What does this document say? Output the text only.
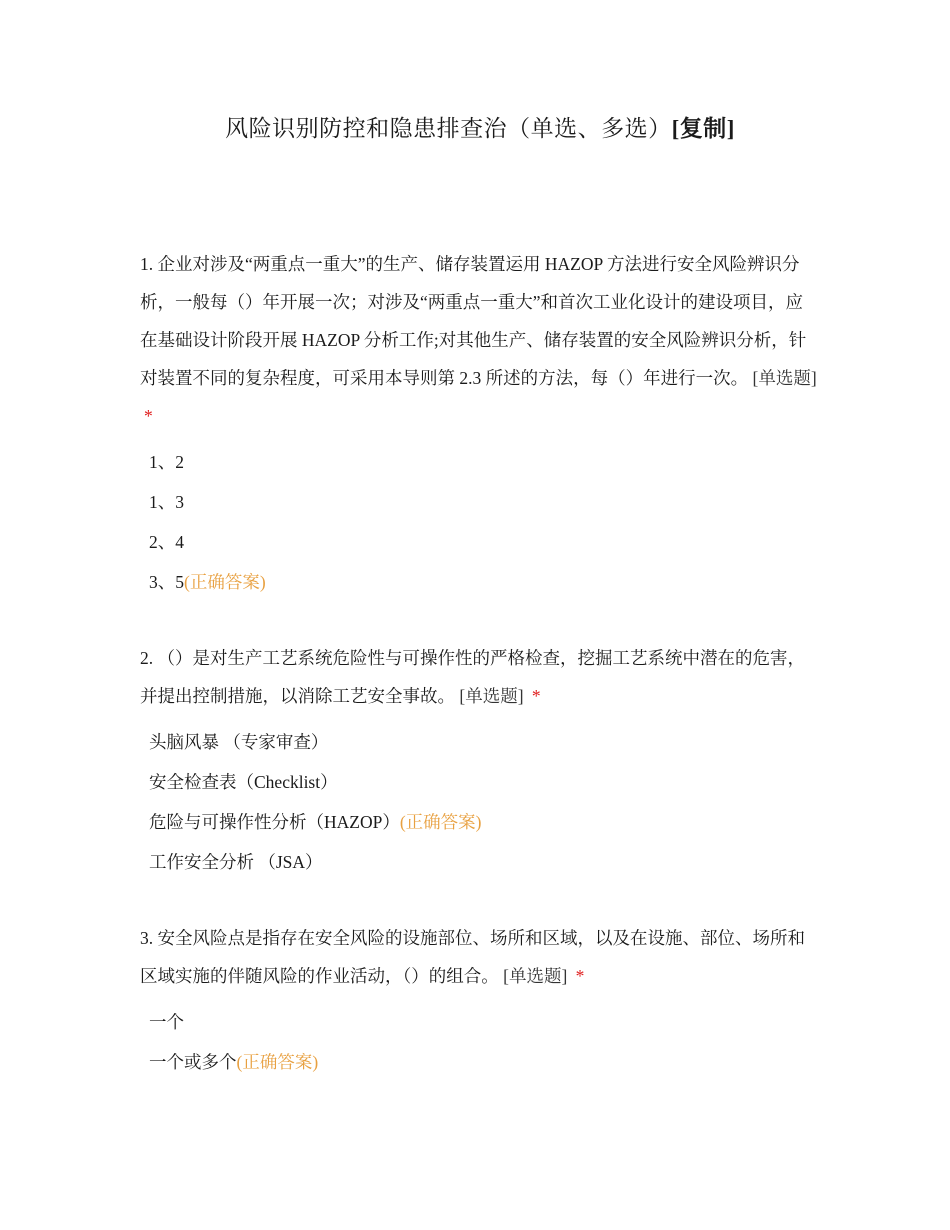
风险识别防控和隐患排查治（单选、多选）[复制]

1. 企业对涉及“两重点一重大”的生产、储存装置运用 HAZOP 方法进行安全风险辨识分析，一般每（）年开展一次；对涉及“两重点一重大”和首次工业化设计的建设项目，应在基础设计阶段开展 HAZOP 分析工作;对其他生产、储存装置的安全风险辨识分析，针对装置不同的复杂程度，可采用本导则第 2.3 所述的方法，每（）年进行一次。 [单选题] *

1、2
1、3
2、4
3、5(正确答案)

2. （）是对生产工艺系统危险性与可操作性的严格检查，挖掘工艺系统中潜在的危害，并提出控制措施，以消除工艺安全事故。 [单选题] *

头脑风暴 （专家审查）
安全检查表（Checklist）
危险与可操作性分析（HAZOP）(正确答案)
工作安全分析 （JSA）

3. 安全风险点是指存在安全风险的设施部位、场所和区域，以及在设施、部位、场所和区域实施的伴随风险的作业活动，（）的组合。 [单选题] *

一个
一个或多个(正确答案)
